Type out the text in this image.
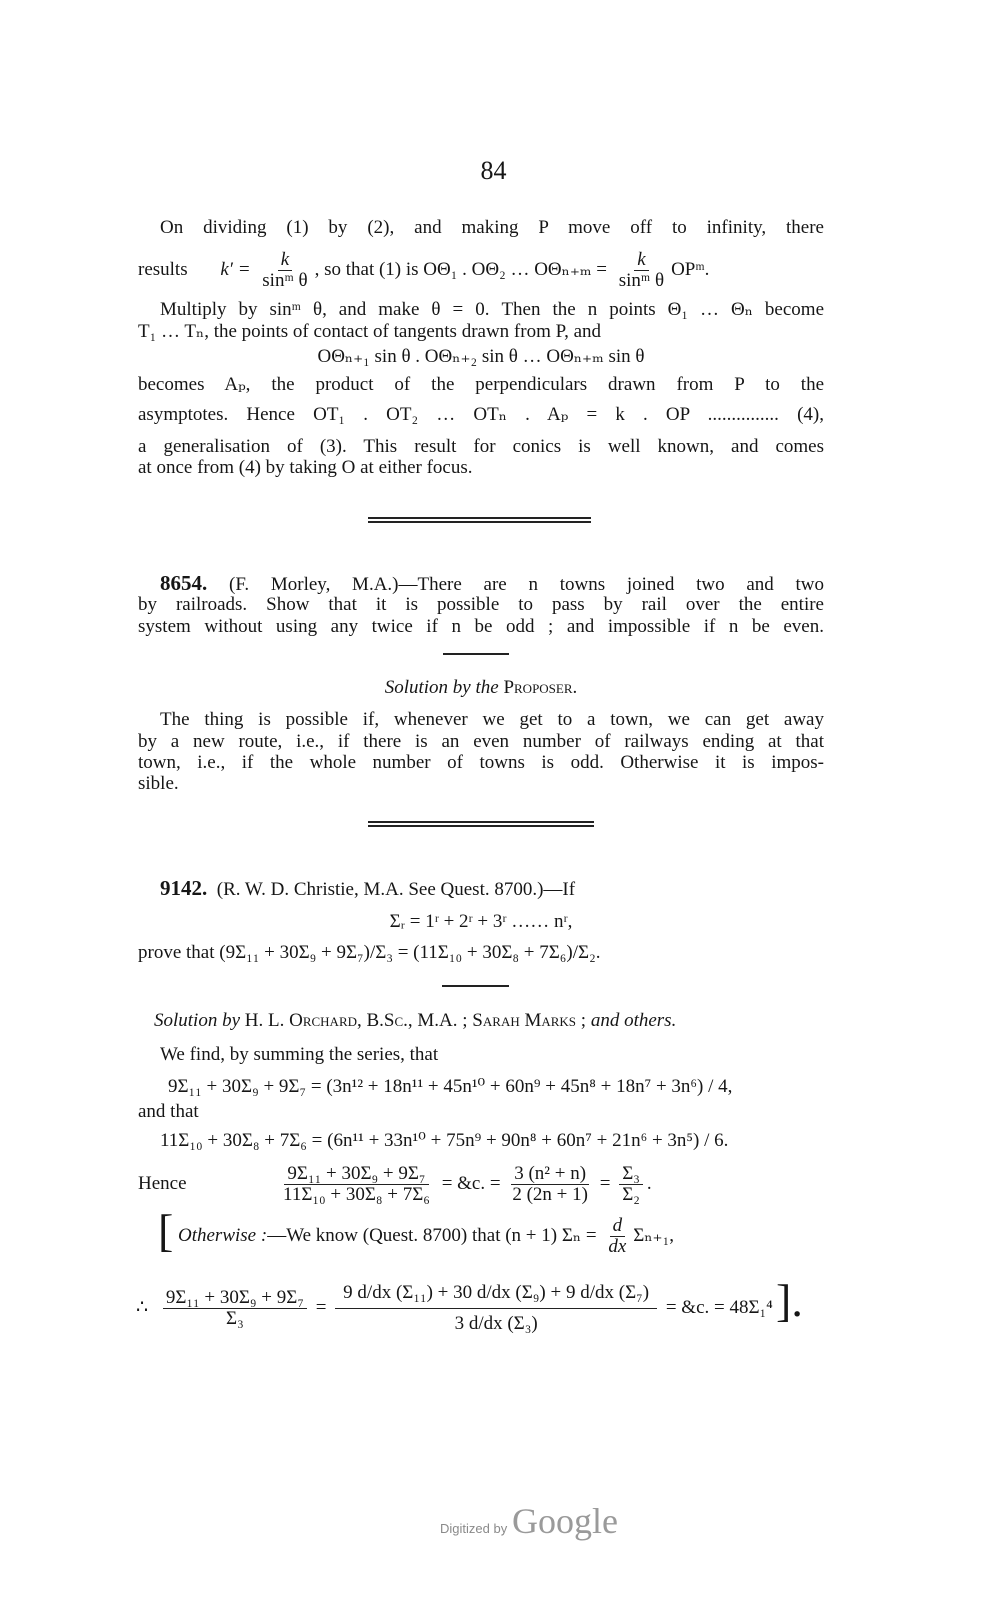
84
On dividing (1) by (2), and making P move off to infinity, there
results $k' = \frac{k}{\text{sinᵐ θ}}$ , so that (1) is OΘ₁ . OΘ₂ … $O\Theta_{n+m} = \frac{k}{\text{sinᵐ θ}}$ OPᵐ.
Multiply by sinᵐ θ, and make θ = 0. Then the n points Θ₁ … Θₙ become
T₁ … Tₙ, the points of contact of tangents drawn from P, and
OΘₙ₊₁ sin θ . OΘₙ₊₂ sin θ … OΘₙ₊ₘ sin θ
becomes Aₚ, the product of the perpendiculars drawn from P to the
asymptotes. Hence OT₁ . OT₂ … OTₙ . Aₚ = k . OP ............... (4),
a generalisation of (3). This result for conics is well known, and comes
at once from (4) by taking O at either focus.
8654. (F. Morley, M.A.)—There are n towns joined two and two
by railroads. Show that it is possible to pass by rail over the entire
system without using any twice if n be odd ; and impossible if n be even.
Solution by the Proposer.
The thing is possible if, whenever we get to a town, we can get away
by a new route, i.e., if there is an even number of railways ending at that
town, i.e., if the whole number of towns is odd. Otherwise it is impos-
sible.
9142. (R. W. D. Christie, M.A. See Quest. 8700.)—If
Σᵣ = 1ʳ + 2ʳ + 3ʳ …… nʳ,
prove that (9Σ₁₁ + 30Σ₉ + 9Σ₇)/Σ₃ = (11Σ₁₀ + 30Σ₈ + 7Σ₆)/Σ₂.
Solution by H. L. Orchard, B.Sc., M.A. ; Sarah Marks ; and others.
We find, by summing the series, that
9Σ₁₁ + 30Σ₉ + 9Σ₇ = (3n¹² + 18n¹¹ + 45n¹⁰ + 60n⁹ + 45n⁸ + 18n⁷ + 3n⁶) / 4,
and that
11Σ₁₀ + 30Σ₈ + 7Σ₆ = (6n¹¹ + 33n¹⁰ + 75n⁹ + 90n⁸ + 60n⁷ + 21n⁶ + 3n⁵) / 6.
Hence	$\frac{\text{9Σ₁₁ + 30Σ₉ + 9Σ₇}}{\text{11Σ₁₀ + 30Σ₈ + 7Σ₆}}$ = &c. = $\frac{\text{3 (n² + n)}}{2 (2n + 1)} = \frac{\text{Σ₃}}{\text{Σ₂}}$ .
[ Otherwise :—We know (Quest. 8700) that (n + 1) $\Sigma_n = \frac{d}{dx} \Sigma_{n+1}$,
∴ $\frac{\text{9Σ₁₁ + 30Σ₉ + 9Σ₇}}{\text{Σ₃}} = \frac{\text{9 d/dx (Σ₁₁) + 30 d/dx (Σ₉) + 9 d/dx (Σ₇)}}{\text{3 d/dx (Σ₃)}}$ = &c. = 48Σ₁⁴ ].
Digitized by Google
